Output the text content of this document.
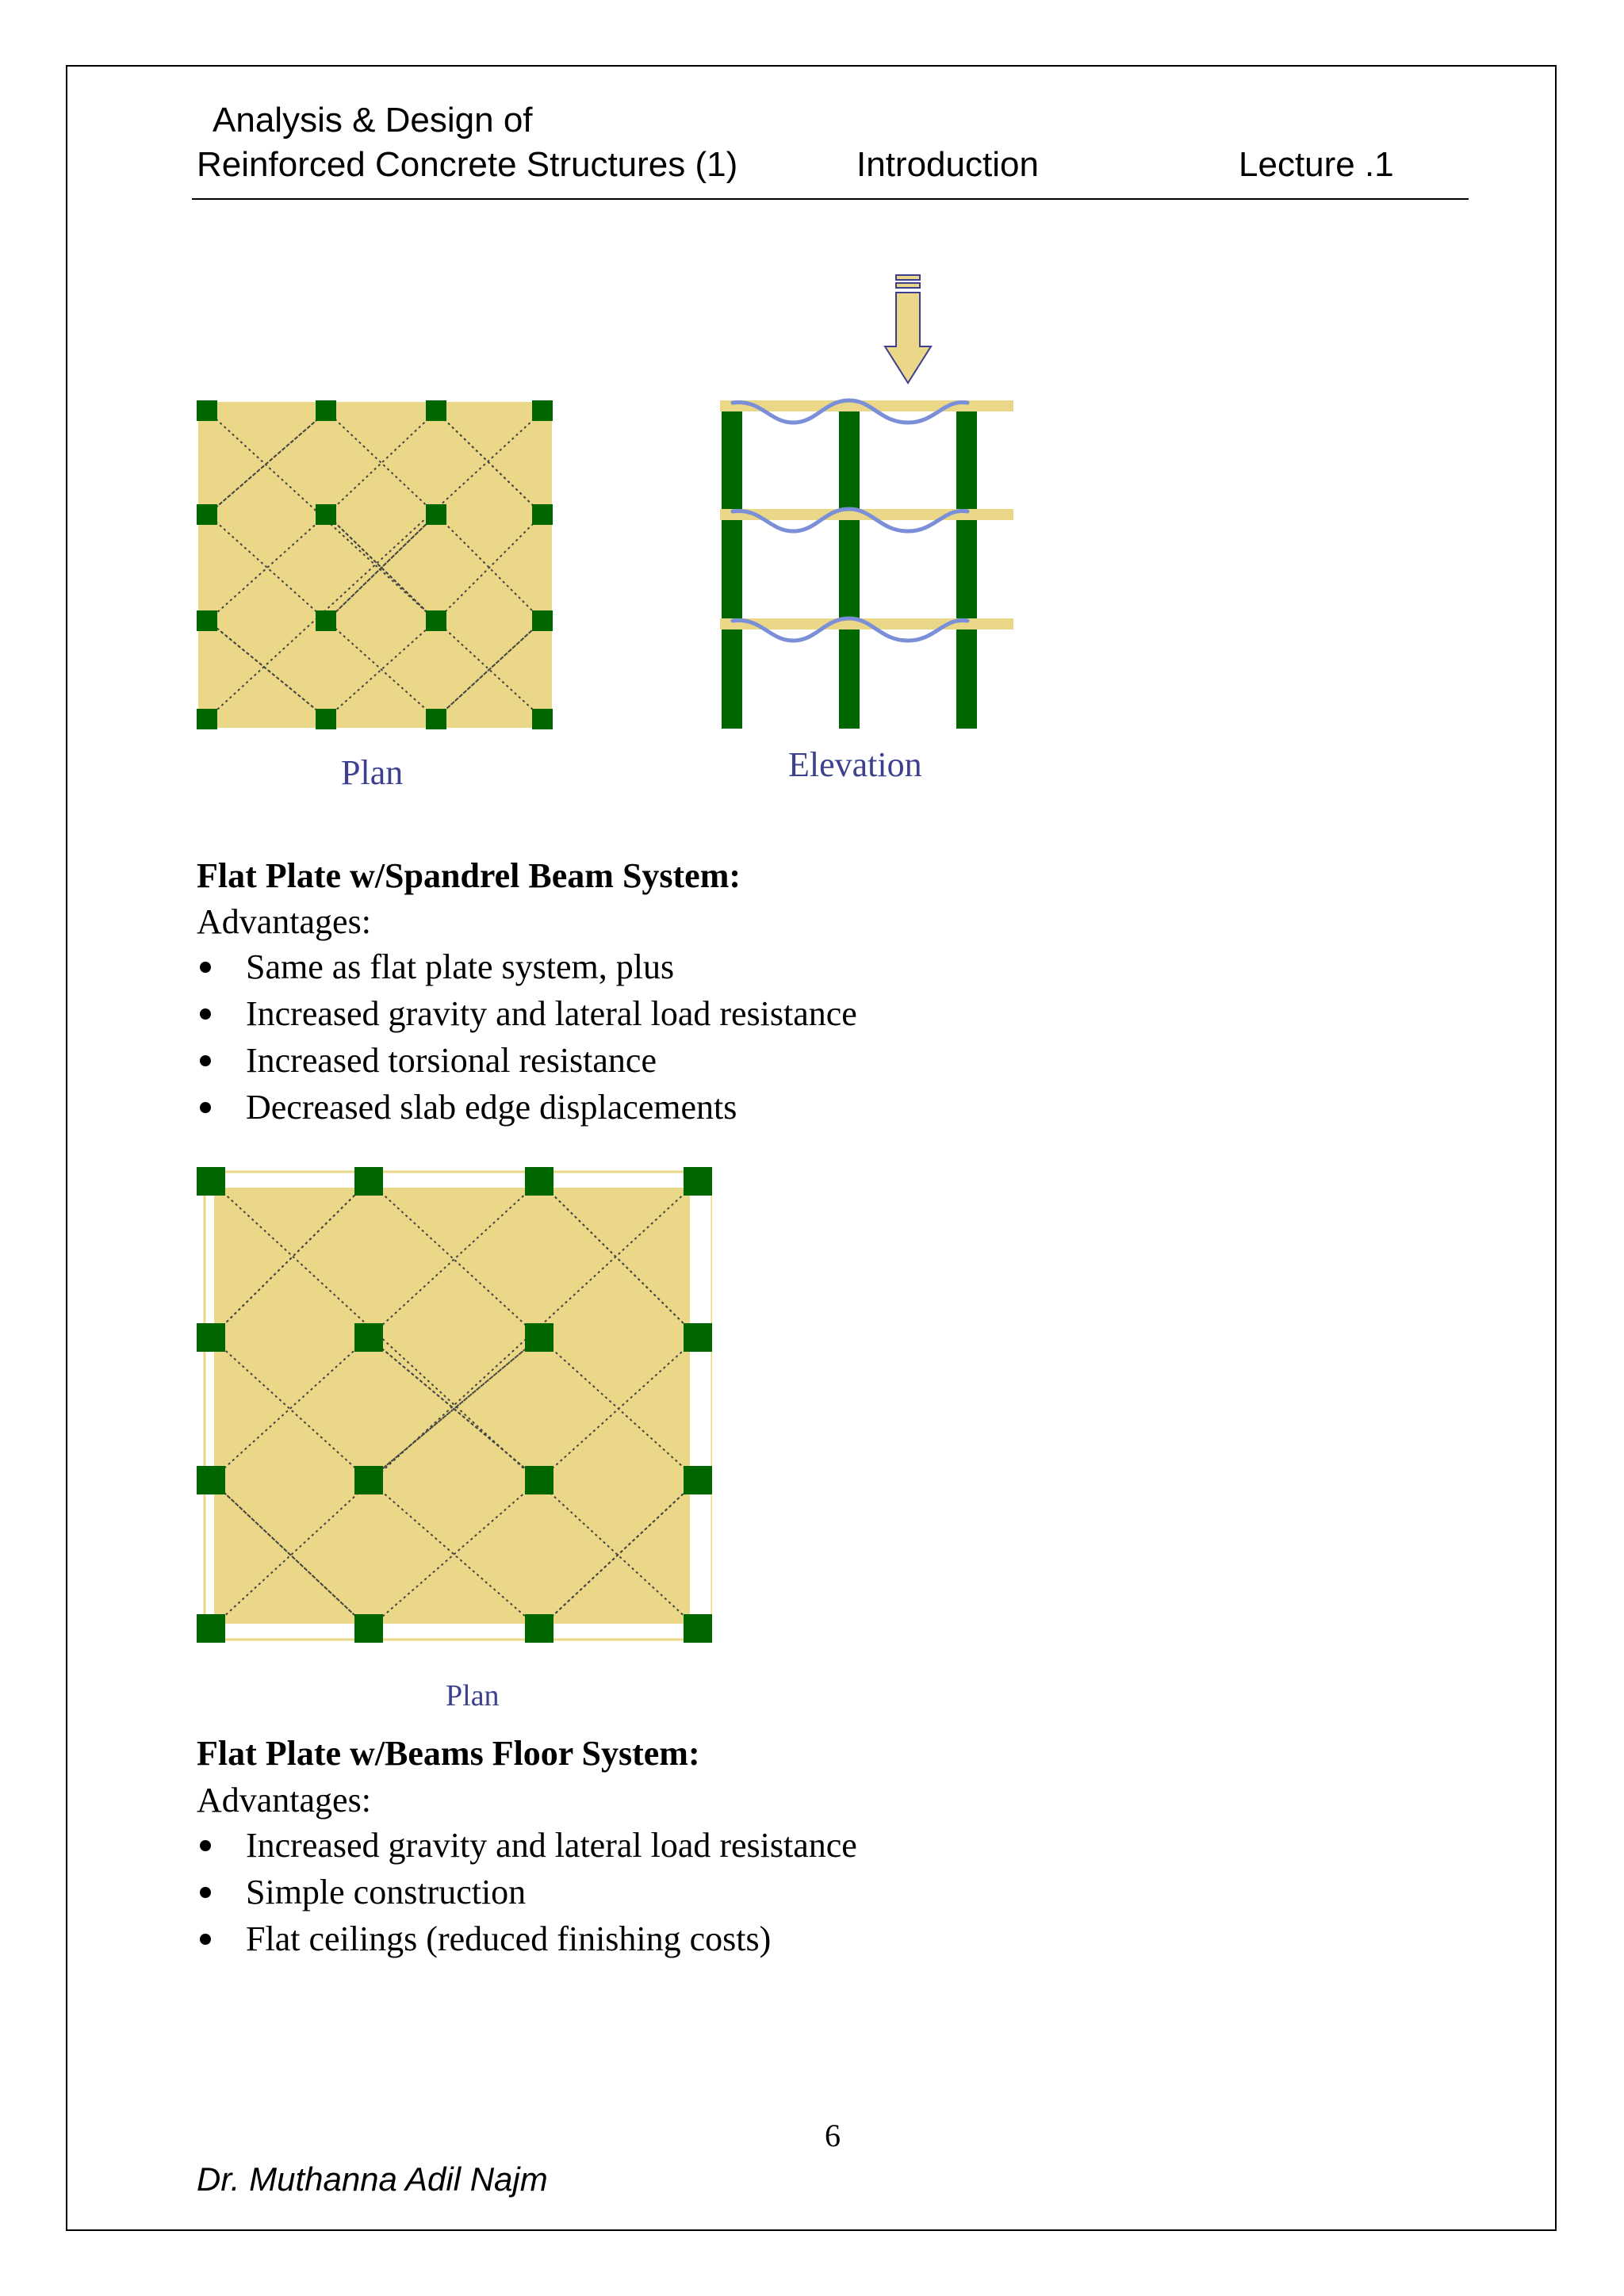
Analysis & Design of
Reinforced Concrete Structures (1)	Introduction	Lecture .1
Plan	Elevation
Flat Plate w/Spandrel Beam System:
Advantages:
Same as flat plate system, plus
Increased gravity and lateral load resistance
Increased torsional resistance
Decreased slab edge displacements
Plan
Flat Plate w/Beams Floor System:
Advantages:
Increased gravity and lateral load resistance
Simple construction
Flat ceilings (reduced finishing costs)
6
Dr. Muthanna Adil Najm
